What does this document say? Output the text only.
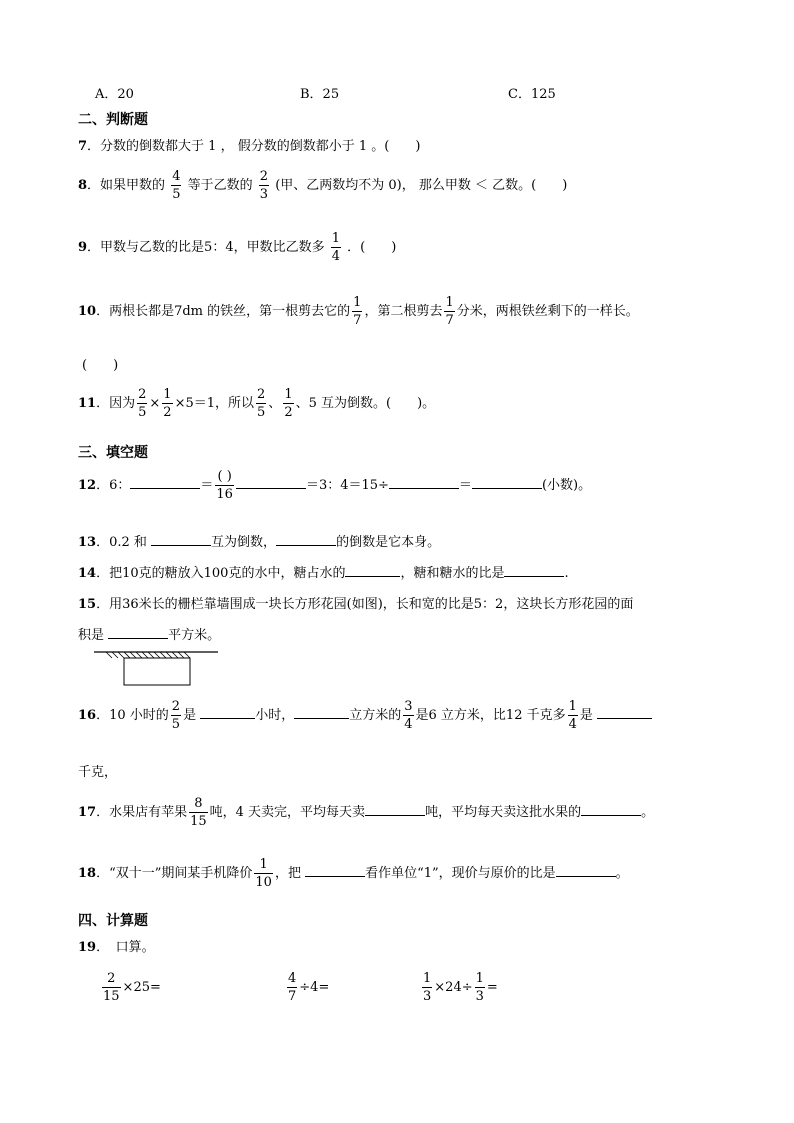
A．20	B．25	C．125
二、判断题
7．分数的倒数都大于 1 ， 假分数的倒数都小于 1 。(　　)
8．如果甲数的 $\frac{4}{5}$ 等于乙数的 $\frac{2}{3}$ (甲、乙两数均不为 0)， 那么甲数 ＜ 乙数。(　　)
9．甲数与乙数的比是5：4，甲数比乙数多 $\frac{1}{4}$ ．(　　)
10．两根长都是7dm 的铁丝，第一根剪去它的 $\frac{1}{7}$ ，第二根剪去 $\frac{1}{7}$ 分米，两根铁丝剩下的一样长。
(　　)
11．因为 $\frac{2}{5} \times \frac{1}{2} \times 5=1$，所以 $\frac{2}{5}$ 、 $\frac{1}{2}$ 、5 互为倒数。(　　)。
三、填空题
12．6：	＝ $\frac{( )}{16}$	＝3：4＝15÷	＝	(小数)。
13．0.2 和	互为倒数，	的倒数是它本身。
14．把10克的糖放入100克的水中，糖占水的	，糖和糖水的比是	.
15．用36米长的栅栏靠墙围成一块长方形花园(如图)，长和宽的比是5：2，这块长方形花园的面
积是	平方米。
16．10 小时的 $\frac{2}{5}$ 是	小时，	立方米的 $\frac{3}{4}$ 是6 立方米，比12 千克多 $\frac{1}{4}$ 是
千克，
17．水果店有苹果 $\frac{8}{15}$ 吨，4 天卖完，平均每天卖	吨，平均每天卖这批水果的	。
18．“双十一”期间某手机降价 $\frac{1}{10}$ ，把	看作单位“1”，现价与原价的比是	。
四、计算题
19．　口算。
$\frac{2}{15} \times 25=$	$\frac{4}{7} \div 4=$	$\frac{1}{3} \times 24\div \frac{1}{3}$ =
